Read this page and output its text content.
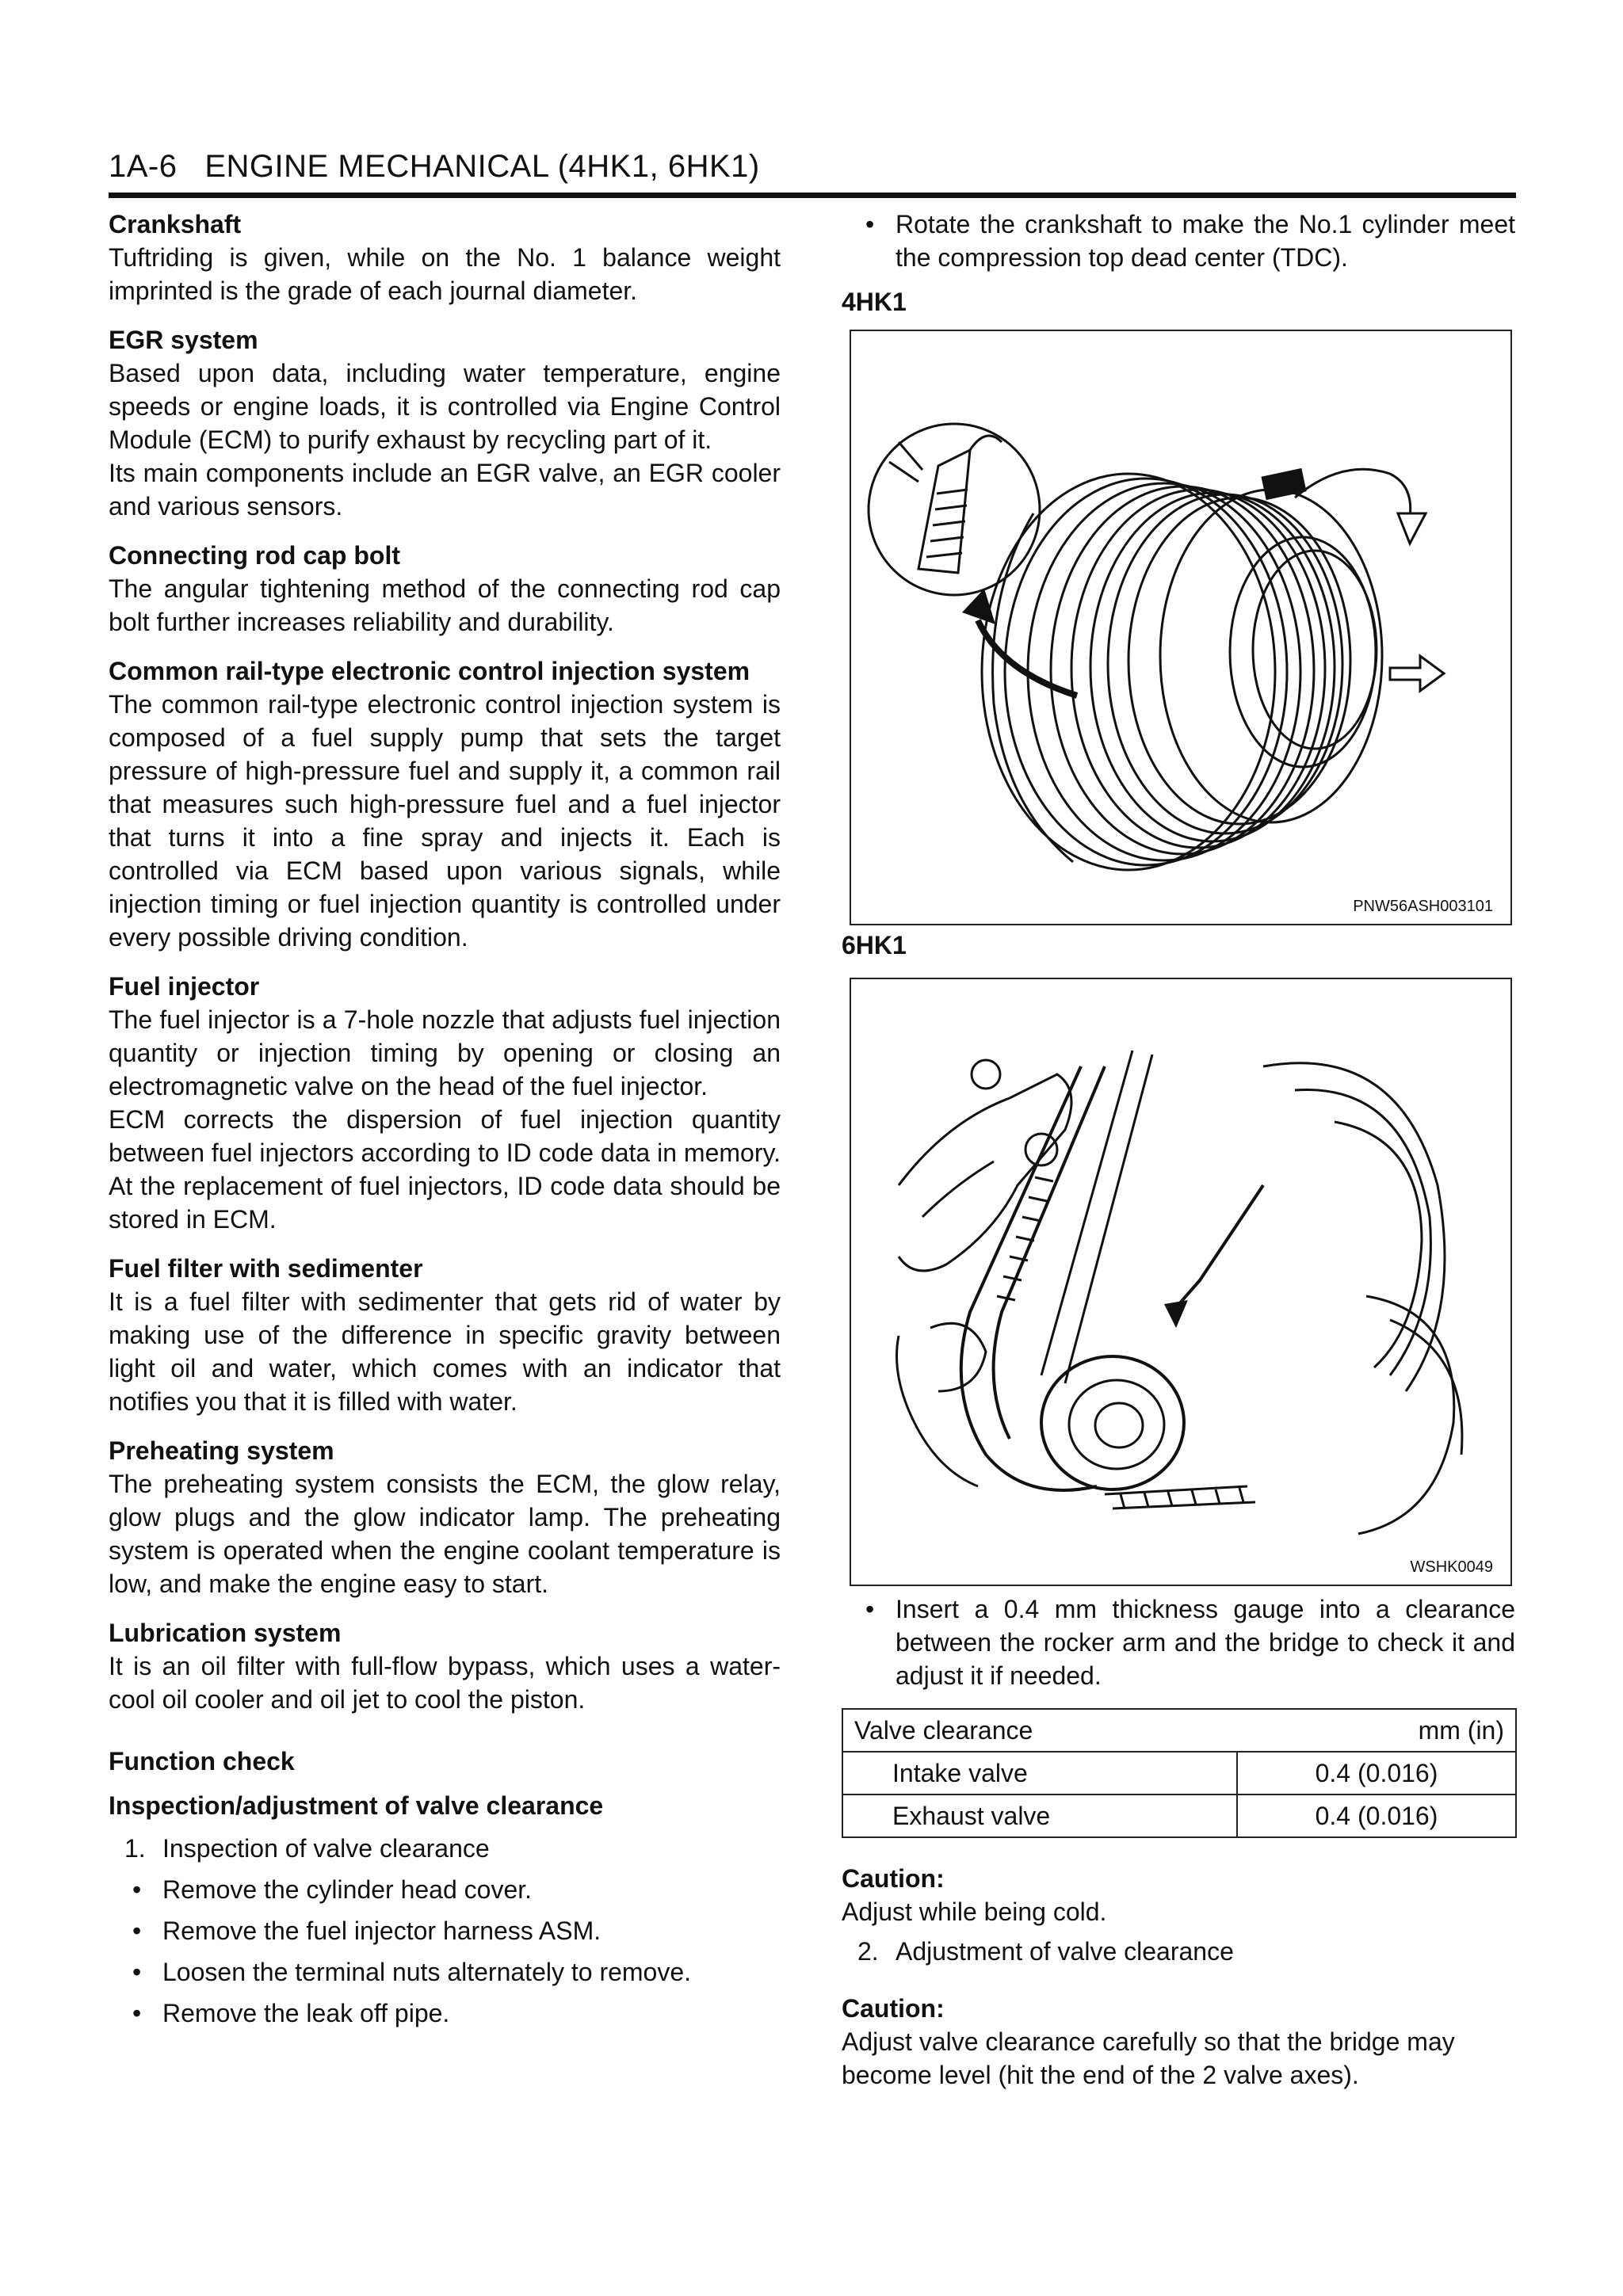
1A-6 ENGINE MECHANICAL (4HK1, 6HK1)

Crankshaft

Tuftriding is given, while on the No. 1 balance weight imprinted is the grade of each journal diameter.

EGR system

Based upon data, including water temperature, engine speeds or engine loads, it is controlled via Engine Control Module (ECM) to purify exhaust by recycling part of it.

Its main components include an EGR valve, an EGR cooler and various sensors.

Connecting rod cap bolt

The angular tightening method of the connecting rod cap bolt further increases reliability and durability.

Common rail-type electronic control injection system

The common rail-type electronic control injection system is composed of a fuel supply pump that sets the target pressure of high-pressure fuel and supply it, a common rail that measures such high-pressure fuel and a fuel injector that turns it into a fine spray and injects it. Each is controlled via ECM based upon various signals, while injection timing or fuel injection quantity is controlled under every possible driving condition.

Fuel injector

The fuel injector is a 7-hole nozzle that adjusts fuel injection quantity or injection timing by opening or closing an electromagnetic valve on the head of the fuel injector.

ECM corrects the dispersion of fuel injection quantity between fuel injectors according to ID code data in memory. At the replacement of fuel injectors, ID code data should be stored in ECM.

Fuel filter with sedimenter

It is a fuel filter with sedimenter that gets rid of water by making use of the difference in specific gravity between light oil and water, which comes with an indicator that notifies you that it is filled with water.

Preheating system

The preheating system consists the ECM, the glow relay, glow plugs and the glow indicator lamp. The preheating system is operated when the engine coolant temperature is low, and make the engine easy to start.

Lubrication system

It is an oil filter with full-flow bypass, which uses a water-cool oil cooler and oil jet to cool the piston.

Function check

Inspection/adjustment of valve clearance

1. Inspection of valve clearance

• Remove the cylinder head cover.

• Remove the fuel injector harness ASM.

• Loosen the terminal nuts alternately to remove.

• Remove the leak off pipe.

• Rotate the crankshaft to make the No.1 cylinder meet the compression top dead center (TDC).

4HK1

PNW56ASH003101

6HK1

WSHK0049

• Insert a 0.4 mm thickness gauge into a clearance between the rocker arm and the bridge to check it and adjust it if needed.

Valve clearance mm (in)	

Intake valve	0.4 (0.016)
Exhaust valve	0.4 (0.016)

Caution:

Adjust while being cold.

2. Adjustment of valve clearance

Caution:

Adjust valve clearance carefully so that the bridge may become level (hit the end of the 2 valve axes).
